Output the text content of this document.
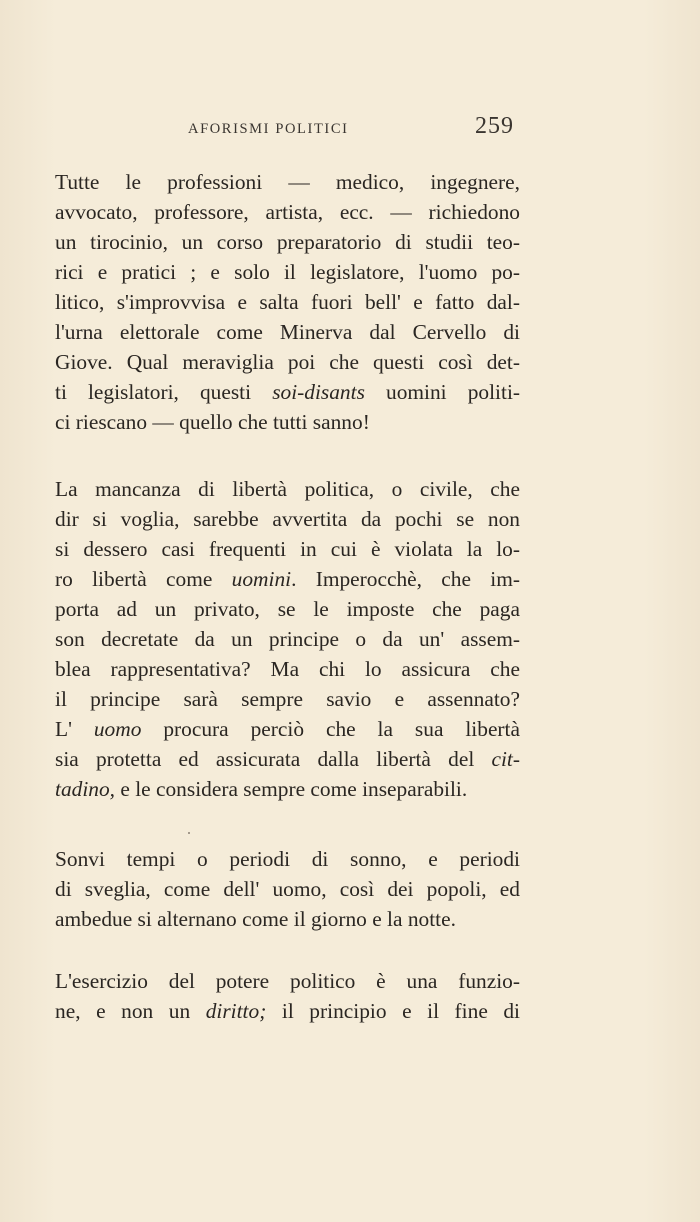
AFORISMI POLITICI	259
Tutte le professioni — medico, ingegnere,
avvocato, professore, artista, ecc. — richiedono
un tirocinio, un corso preparatorio di studii teo-
rici e pratici ; e solo il legislatore, l'uomo po-
litico, s'improvvisa e salta fuori bell' e fatto dal-
l'urna elettorale come Minerva dal Cervello di
Giove. Qual meraviglia poi che questi così det-
ti legislatori, questi soi-disants uomini politi-
ci riescano — quello che tutti sanno!
La mancanza di libertà politica, o civile, che
dir si voglia, sarebbe avvertita da pochi se non
si dessero casi frequenti in cui è violata la lo-
ro libertà come uomini. Imperocchè, che im-
porta ad un privato, se le imposte che paga
son decretate da un principe o da un' assem-
blea rappresentativa? Ma chi lo assicura che
il principe sarà sempre savio e assennato?
L' uomo procura perciò che la sua libertà
sia protetta ed assicurata dalla libertà del cit-
tadino, e le considera sempre come inseparabili.
Sonvi tempi o periodi di sonno, e periodi
di sveglia, come dell' uomo, così dei popoli, ed
ambedue si alternano come il giorno e la notte.
L'esercizio del potere politico è una funzio-
ne, e non un diritto; il principio e il fine di
